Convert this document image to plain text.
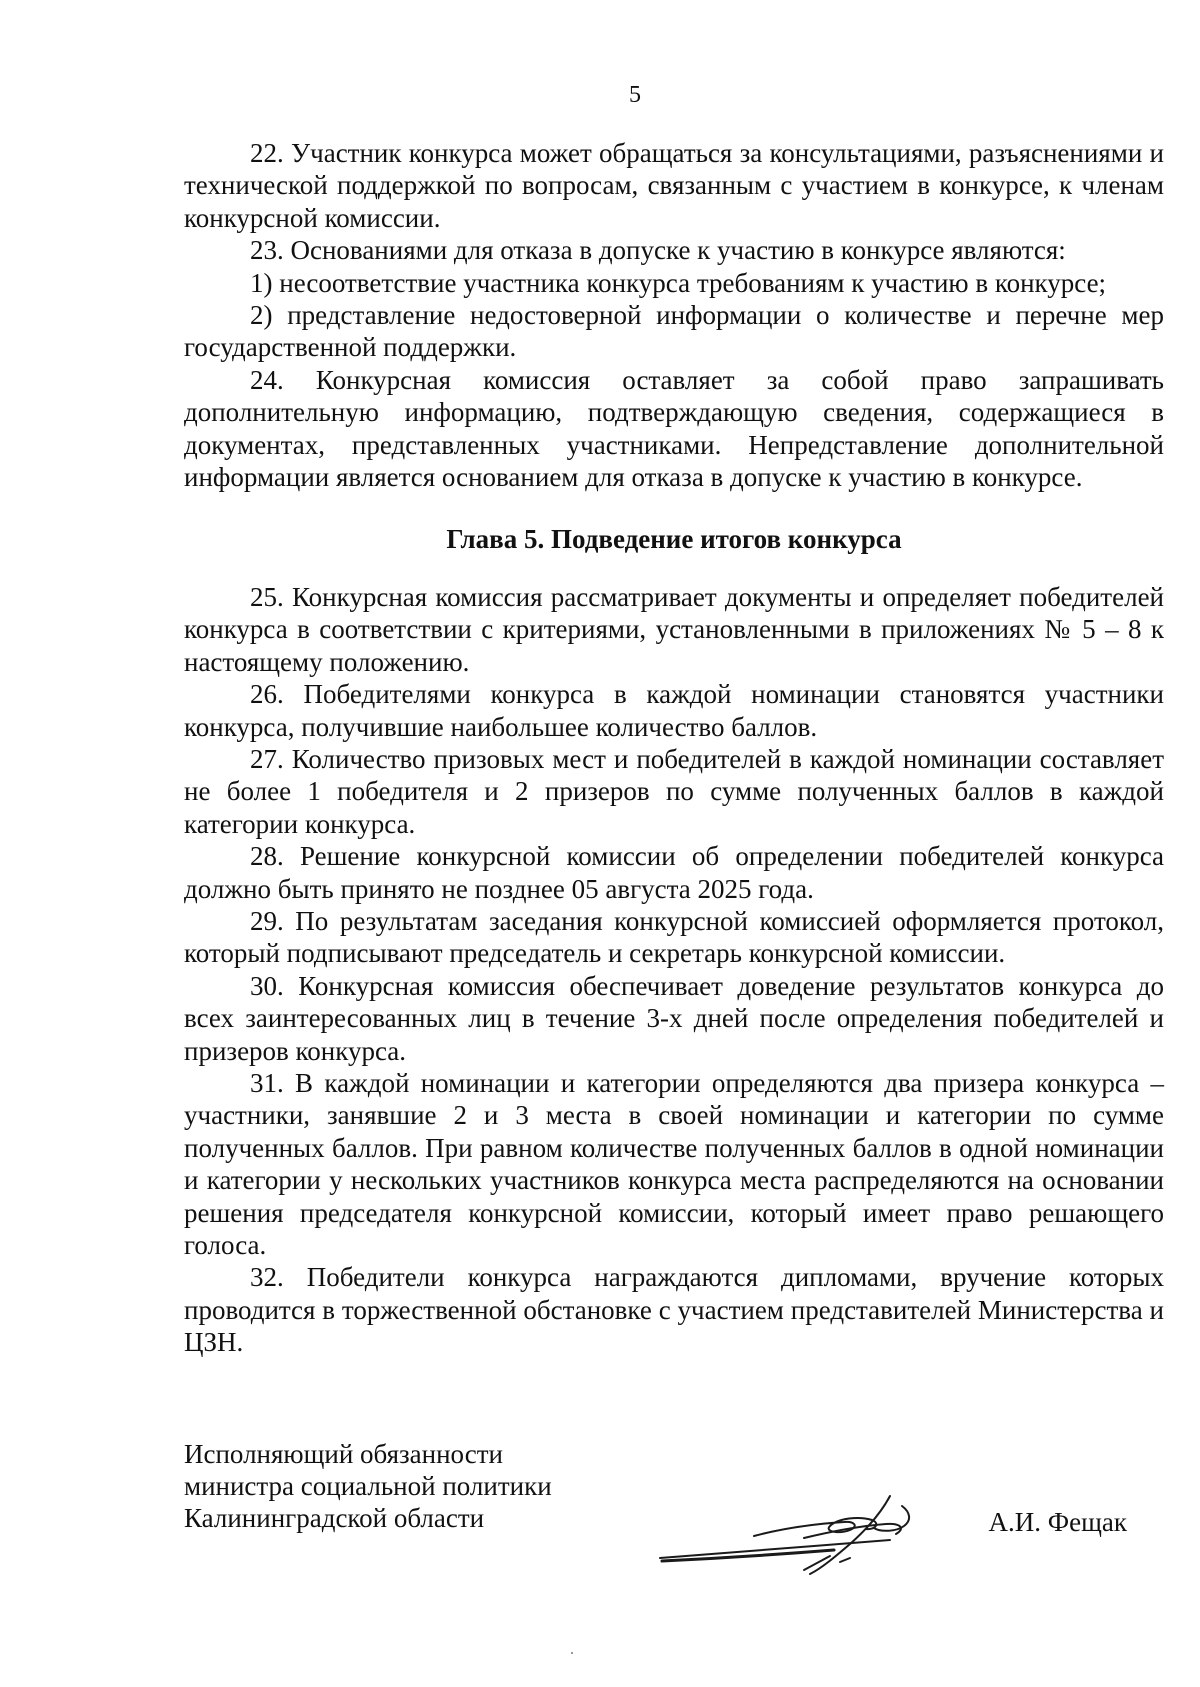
5

22. Участник конкурса может обращаться за консультациями, разъяснениями и технической поддержкой по вопросам, связанным с участием в конкурсе, к членам конкурсной комиссии.

23. Основаниями для отказа в допуске к участию в конкурсе являются:

1) несоответствие участника конкурса требованиям к участию в конкурсе;

2) представление недостоверной информации о количестве и перечне мер государственной поддержки.

24. Конкурсная комиссия оставляет за собой право запрашивать дополнительную информацию, подтверждающую сведения, содержащиеся в документах, представленных участниками. Непредставление дополнительной информации является основанием для отказа в допуске к участию в конкурсе.

Глава 5. Подведение итогов конкурса

25. Конкурсная комиссия рассматривает документы и определяет победителей конкурса в соответствии с критериями, установленными в приложениях № 5 – 8 к настоящему положению.

26. Победителями конкурса в каждой номинации становятся участники конкурса, получившие наибольшее количество баллов.

27. Количество призовых мест и победителей в каждой номинации составляет не более 1 победителя и 2 призеров по сумме полученных баллов в каждой категории конкурса.

28. Решение конкурсной комиссии об определении победителей конкурса должно быть принято не позднее 05 августа 2025 года.

29. По результатам заседания конкурсной комиссией оформляется протокол, который подписывают председатель и секретарь конкурсной комиссии.

30. Конкурсная комиссия обеспечивает доведение результатов конкурса до всех заинтересованных лиц в течение 3-х дней после определения победителей и призеров конкурса.

31. В каждой номинации и категории определяются два призера конкурса – участники, занявшие 2 и 3 места в своей номинации и категории по сумме полученных баллов. При равном количестве полученных баллов в одной номинации и категории у нескольких участников конкурса места распределяются на основании решения председателя конкурсной комиссии, который имеет право решающего голоса.

32. Победители конкурса награждаются дипломами, вручение которых проводится в торжественной обстановке с участием представителей Министерства и ЦЗН.

Исполняющий обязанности
министра социальной политики
Калининградской области	А.И. Фещак
